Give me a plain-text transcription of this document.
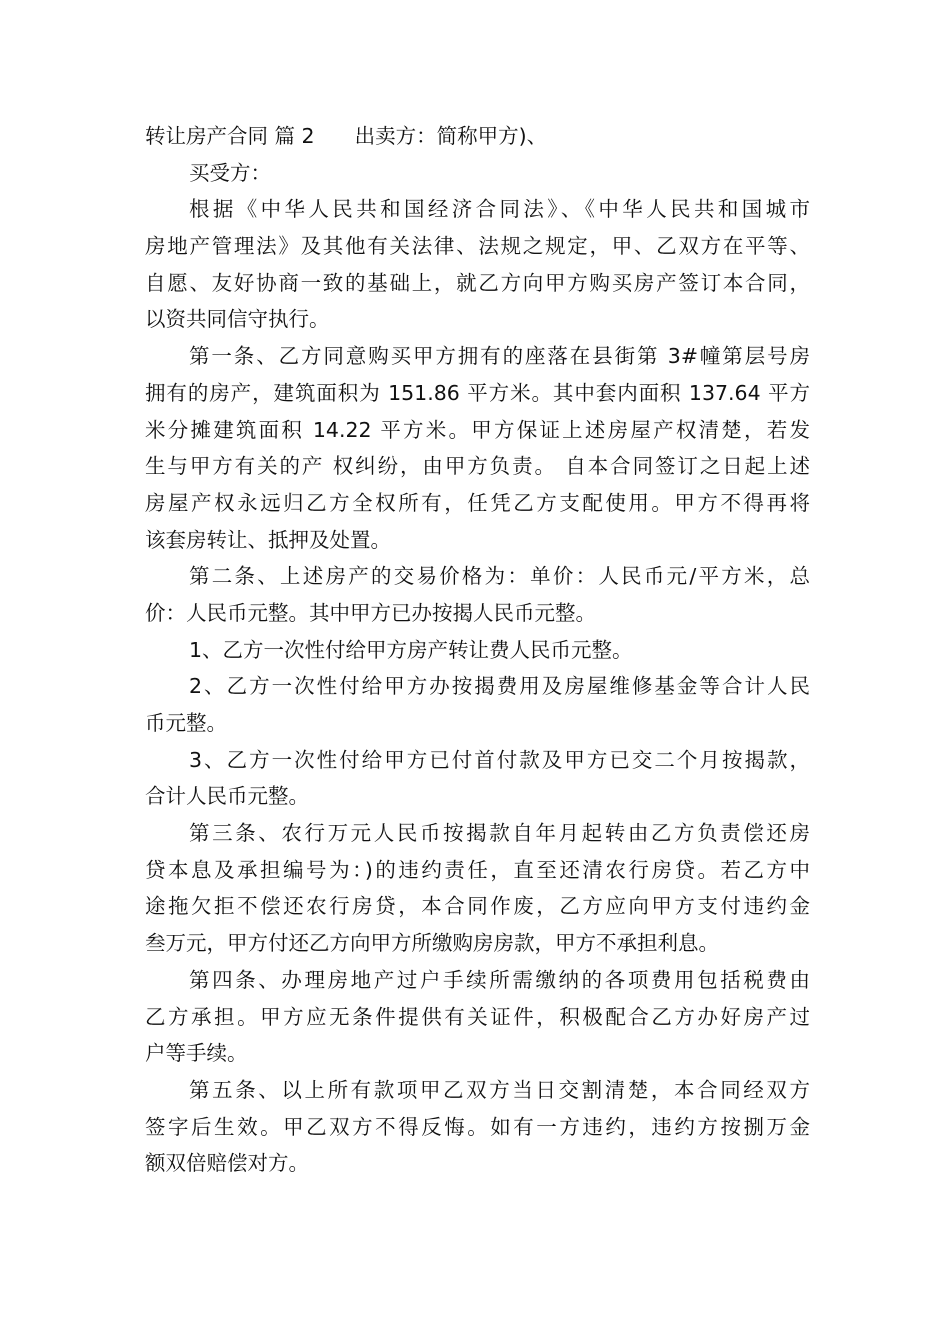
转让房产合同 篇 2 出卖方：简称甲方)、
买受方：
根据《中华人民共和国经济合同法》、《中华人民共和国城市
房地产管理法》及其他有关法律、法规之规定，甲、乙双方在平等、
自愿、友好协商一致的基础上，就乙方向甲方购买房产签订本合同，
以资共同信守执行。
第一条、乙方同意购买甲方拥有的座落在县街第 3#幢第层号房
拥有的房产，建筑面积为 151.86 平方米。其中套内面积 137.64 平方
米分摊建筑面积 14.22 平方米。甲方保证上述房屋产权清楚，若发
生与甲方有关的产 权纠纷，由甲方负责。 自本合同签订之日起上述
房屋产权永远归乙方全权所有，任凭乙方支配使用。甲方不得再将
该套房转让、抵押及处置。
第二条、上述房产的交易价格为：单价：人民币元/平方米，总
价：人民币元整。其中甲方已办按揭人民币元整。
1、乙方一次性付给甲方房产转让费人民币元整。
2、乙方一次性付给甲方办按揭费用及房屋维修基金等合计人民
币元整。
3、乙方一次性付给甲方已付首付款及甲方已交二个月按揭款，
合计人民币元整。
第三条、农行万元人民币按揭款自年月起转由乙方负责偿还房
贷本息及承担编号为：)的违约责任，直至还清农行房贷。若乙方中
途拖欠拒不偿还农行房贷，本合同作废，乙方应向甲方支付违约金
叁万元，甲方付还乙方向甲方所缴购房房款，甲方不承担利息。
第四条、办理房地产过户手续所需缴纳的各项费用包括税费由
乙方承担。甲方应无条件提供有关证件，积极配合乙方办好房产过
户等手续。
第五条、以上所有款项甲乙双方当日交割清楚，本合同经双方
签字后生效。甲乙双方不得反悔。如有一方违约，违约方按捌万金
额双倍赔偿对方。
